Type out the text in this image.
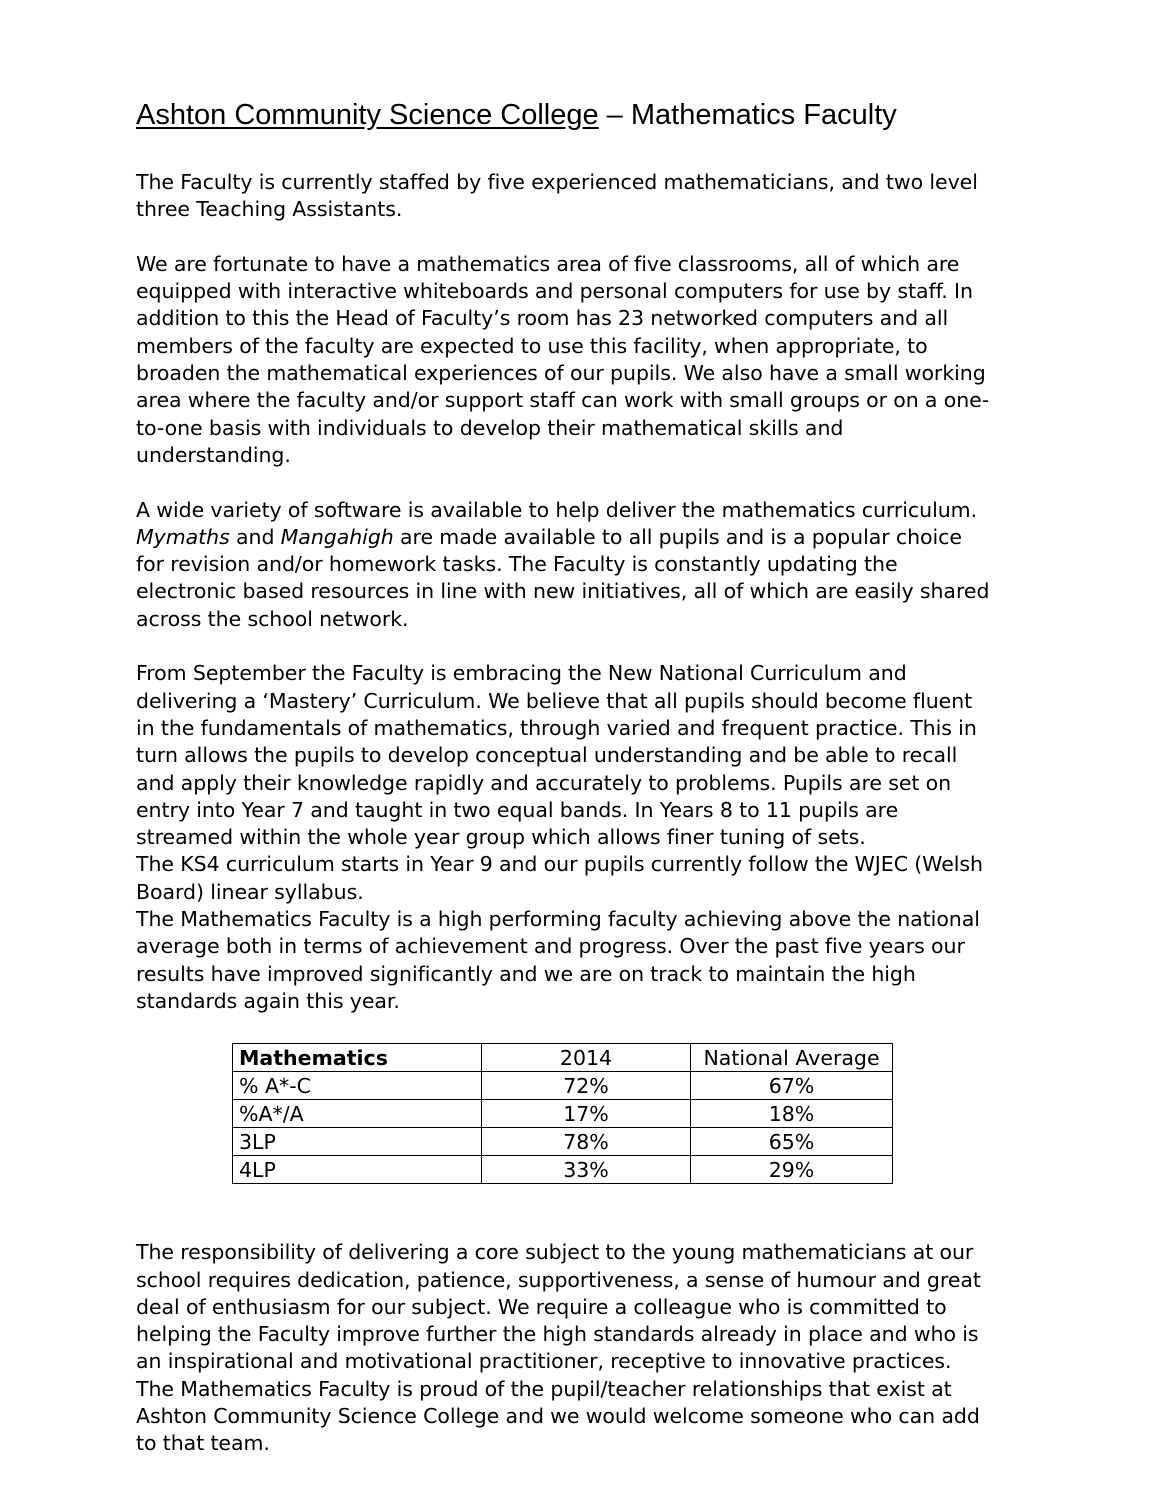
Ashton Community Science College – Mathematics Faculty

The Faculty is currently staffed by five experienced mathematicians, and two level three Teaching Assistants.

We are fortunate to have a mathematics area of five classrooms, all of which are equipped with interactive whiteboards and personal computers for use by staff. In addition to this the Head of Faculty’s room has 23 networked computers and all members of the faculty are expected to use this facility, when appropriate, to broaden the mathematical experiences of our pupils. We also have a small working area where the faculty and/or support staff can work with small groups or on a one-to-one basis with individuals to develop their mathematical skills and understanding.

A wide variety of software is available to help deliver the mathematics curriculum. Mymaths and Mangahigh are made available to all pupils and is a popular choice for revision and/or homework tasks. The Faculty is constantly updating the electronic based resources in line with new initiatives, all of which are easily shared across the school network.

From September the Faculty is embracing the New National Curriculum and delivering a ‘Mastery’ Curriculum. We believe that all pupils should become fluent in the fundamentals of mathematics, through varied and frequent practice. This in turn allows the pupils to develop conceptual understanding and be able to recall and apply their knowledge rapidly and accurately to problems. Pupils are set on entry into Year 7 and taught in two equal bands. In Years 8 to 11 pupils are streamed within the whole year group which allows finer tuning of sets.

The KS4 curriculum starts in Year 9 and our pupils currently follow the WJEC (Welsh Board) linear syllabus.

The Mathematics Faculty is a high performing faculty achieving above the national average both in terms of achievement and progress. Over the past five years our results have improved significantly and we are on track to maintain the high standards again this year.

Mathematics	2014	National Average
% A*-C	72%	67%
%A*/A	17%	18%
3LP	78%	65%
4LP	33%	29%

The responsibility of delivering a core subject to the young mathematicians at our school requires dedication, patience, supportiveness, a sense of humour and great deal of enthusiasm for our subject. We require a colleague who is committed to helping the Faculty improve further the high standards already in place and who is an inspirational and motivational practitioner, receptive to innovative practices. The Mathematics Faculty is proud of the pupil/teacher relationships that exist at Ashton Community Science College and we would welcome someone who can add to that team.
